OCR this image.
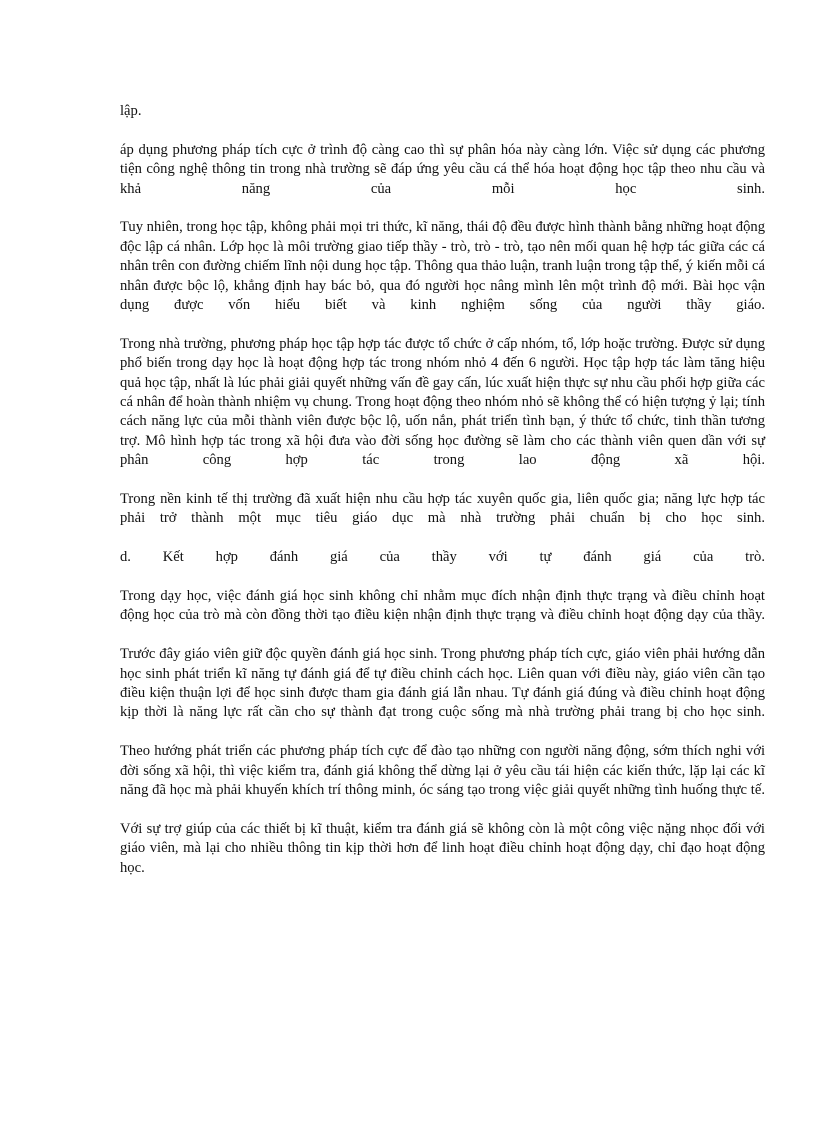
lập.

áp dụng phương pháp tích cực ở trình độ càng cao thì sự phân hóa này càng lớn. Việc sử dụng các phương tiện công nghệ thông tin trong nhà trường sẽ đáp ứng yêu cầu cá thể hóa hoạt động học tập theo nhu cầu và khả năng của mỗi học sinh.

Tuy nhiên, trong học tập, không phải mọi tri thức, kĩ năng, thái độ đều được hình thành bằng những hoạt động độc lập cá nhân. Lớp học là môi trường giao tiếp thầy - trò, trò - trò, tạo nên mối quan hệ hợp tác giữa các cá nhân trên con đường chiếm lĩnh nội dung học tập. Thông qua thảo luận, tranh luận trong tập thể, ý kiến mỗi cá nhân được bộc lộ, khẳng định hay bác bỏ, qua đó người học nâng mình lên một trình độ mới. Bài học vận dụng được vốn hiểu biết và kinh nghiệm sống của người thầy giáo.

Trong nhà trường, phương pháp học tập hợp tác được tổ chức ở cấp nhóm, tổ, lớp hoặc trường. Được sử dụng phổ biến trong dạy học là hoạt động hợp tác trong nhóm nhỏ 4 đến 6 người. Học tập hợp tác làm tăng hiệu quả học tập, nhất là lúc phải giải quyết những vấn đề gay cấn, lúc xuất hiện thực sự nhu cầu phối hợp giữa các cá nhân để hoàn thành nhiệm vụ chung. Trong hoạt động theo nhóm nhỏ sẽ không thể có hiện tượng ỷ lại; tính cách năng lực của mỗi thành viên được bộc lộ, uốn nắn, phát triển tình bạn, ý thức tổ chức, tinh thần tương trợ. Mô hình hợp tác trong xã hội đưa vào đời sống học đường sẽ làm cho các thành viên quen dần với sự phân công hợp tác trong lao động xã hội.

Trong nền kinh tế thị trường đã xuất hiện nhu cầu hợp tác xuyên quốc gia, liên quốc gia; năng lực hợp tác phải trở thành một mục tiêu giáo dục mà nhà trường phải chuẩn bị cho học sinh.

d. Kết hợp đánh giá của thầy với tự đánh giá của trò.

Trong dạy học, việc đánh giá học sinh không chỉ nhằm mục đích nhận định thực trạng và điều chỉnh hoạt động học của trò mà còn đồng thời tạo điều kiện nhận định thực trạng và điều chỉnh hoạt động dạy của thầy.

Trước đây giáo viên giữ độc quyền đánh giá học sinh. Trong phương pháp tích cực, giáo viên phải hướng dẫn học sinh phát triển kĩ năng tự đánh giá để tự điều chỉnh cách học. Liên quan với điều này, giáo viên cần tạo điều kiện thuận lợi để học sinh được tham gia đánh giá lẫn nhau. Tự đánh giá đúng và điều chỉnh hoạt động kịp thời là năng lực rất cần cho sự thành đạt trong cuộc sống mà nhà trường phải trang bị cho học sinh.

Theo hướng phát triển các phương pháp tích cực để đào tạo những con người năng động, sớm thích nghi với đời sống xã hội, thì việc kiểm tra, đánh giá không thể dừng lại ở yêu cầu tái hiện các kiến thức, lặp lại các kĩ năng đã học mà phải khuyến khích trí thông minh, óc sáng tạo trong việc giải quyết những tình huống thực tế.

Với sự trợ giúp của các thiết bị kĩ thuật, kiểm tra đánh giá sẽ không còn là một công việc nặng nhọc đối với giáo viên, mà lại cho nhiều thông tin kịp thời hơn để linh hoạt điều chỉnh hoạt động dạy, chỉ đạo hoạt động học.
